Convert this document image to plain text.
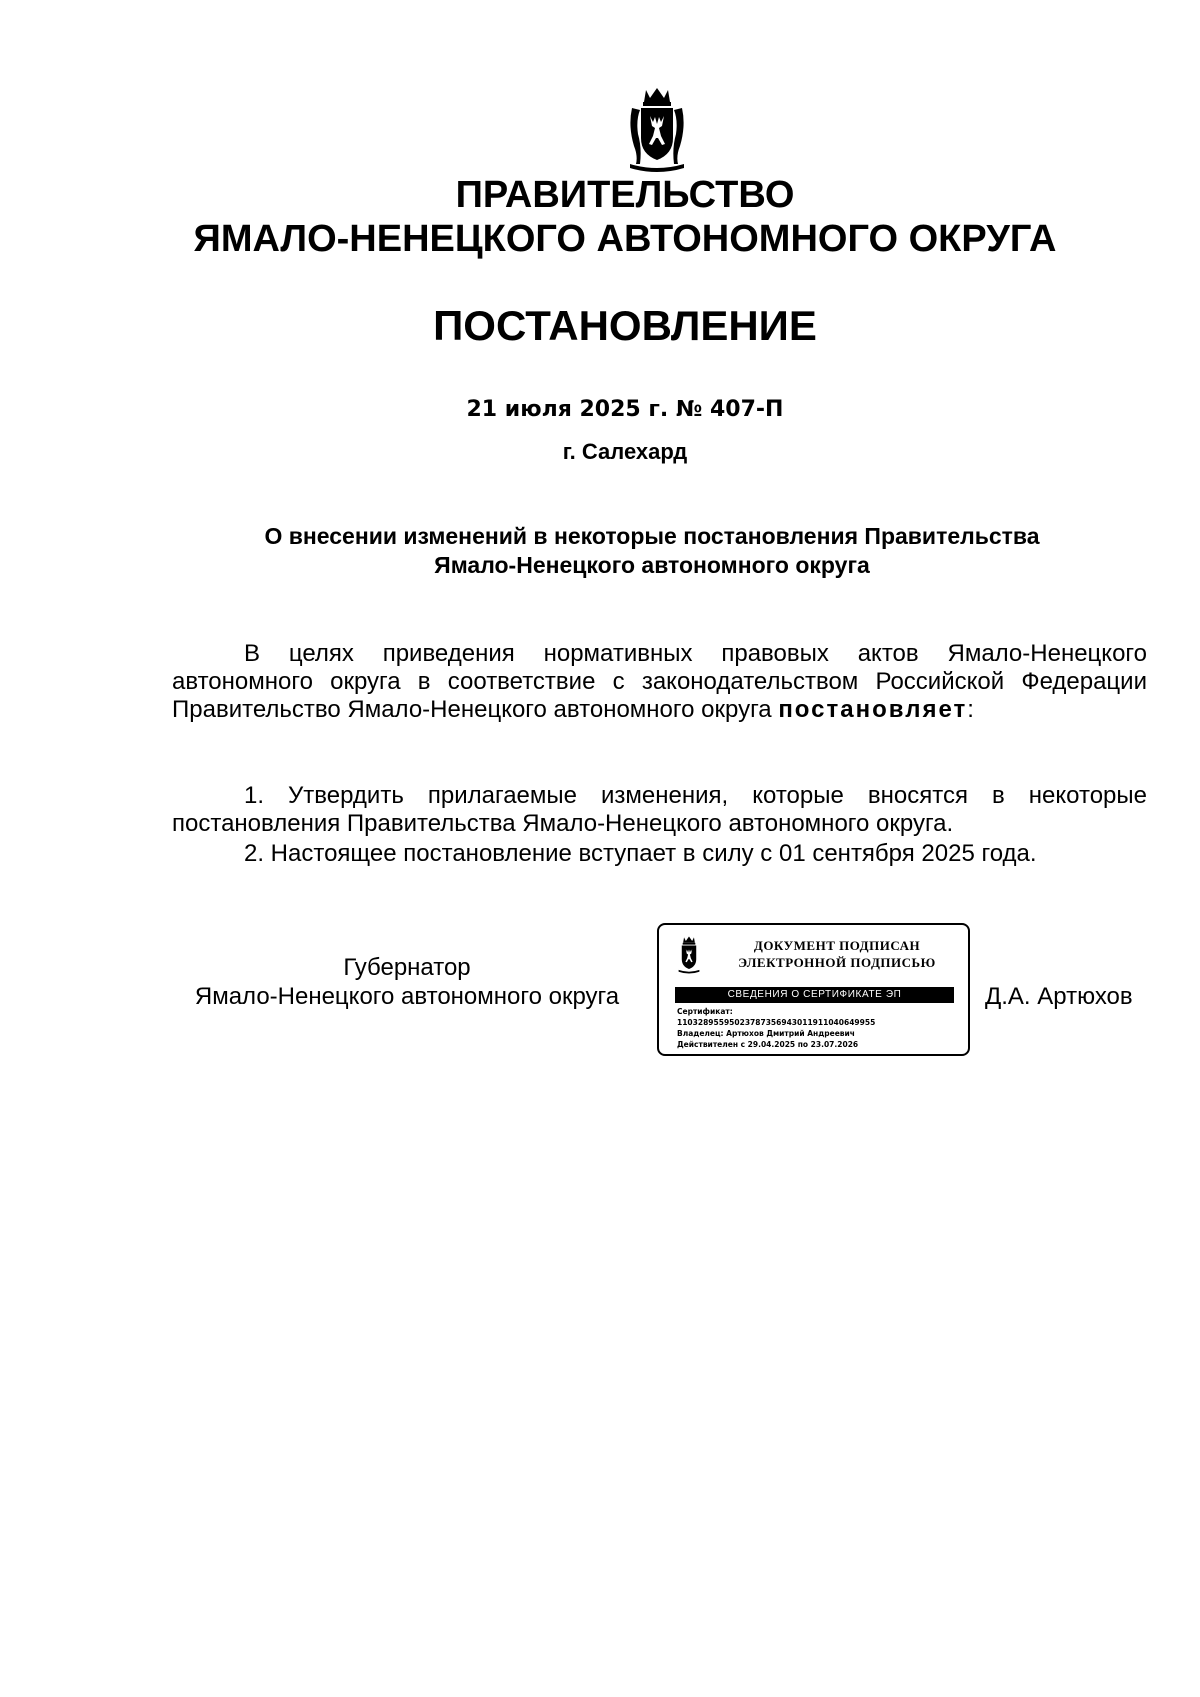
ПРАВИТЕЛЬСТВО
ЯМАЛО-НЕНЕЦКОГО АВТОНОМНОГО ОКРУГА
ПОСТАНОВЛЕНИЕ
21 июля 2025 г. № 407-П
г. Салехард
О внесении изменений в некоторые постановления Правительства
Ямало-Ненецкого автономного округа
В целях приведения нормативных правовых актов Ямало-Ненецкого автономного округа в соответствие с законодательством Российской Федерации Правительство Ямало-Ненецкого автономного округа постановляет:
1. Утвердить прилагаемые изменения, которые вносятся в некоторые постановления Правительства Ямало-Ненецкого автономного округа.
2. Настоящее постановление вступает в силу с 01 сентября 2025 года.
Губернатор
Ямало-Ненецкого автономного округа
ДОКУМЕНТ ПОДПИСАН
ЭЛЕКТРОННОЙ ПОДПИСЬЮ
СВЕДЕНИЯ О СЕРТИФИКАТЕ ЭП
Сертификат:
11032895595023787356943011911040649955
Владелец: Артюхов Дмитрий Андреевич
Действителен с 29.04.2025 по 23.07.2026
Д.А. Артюхов
